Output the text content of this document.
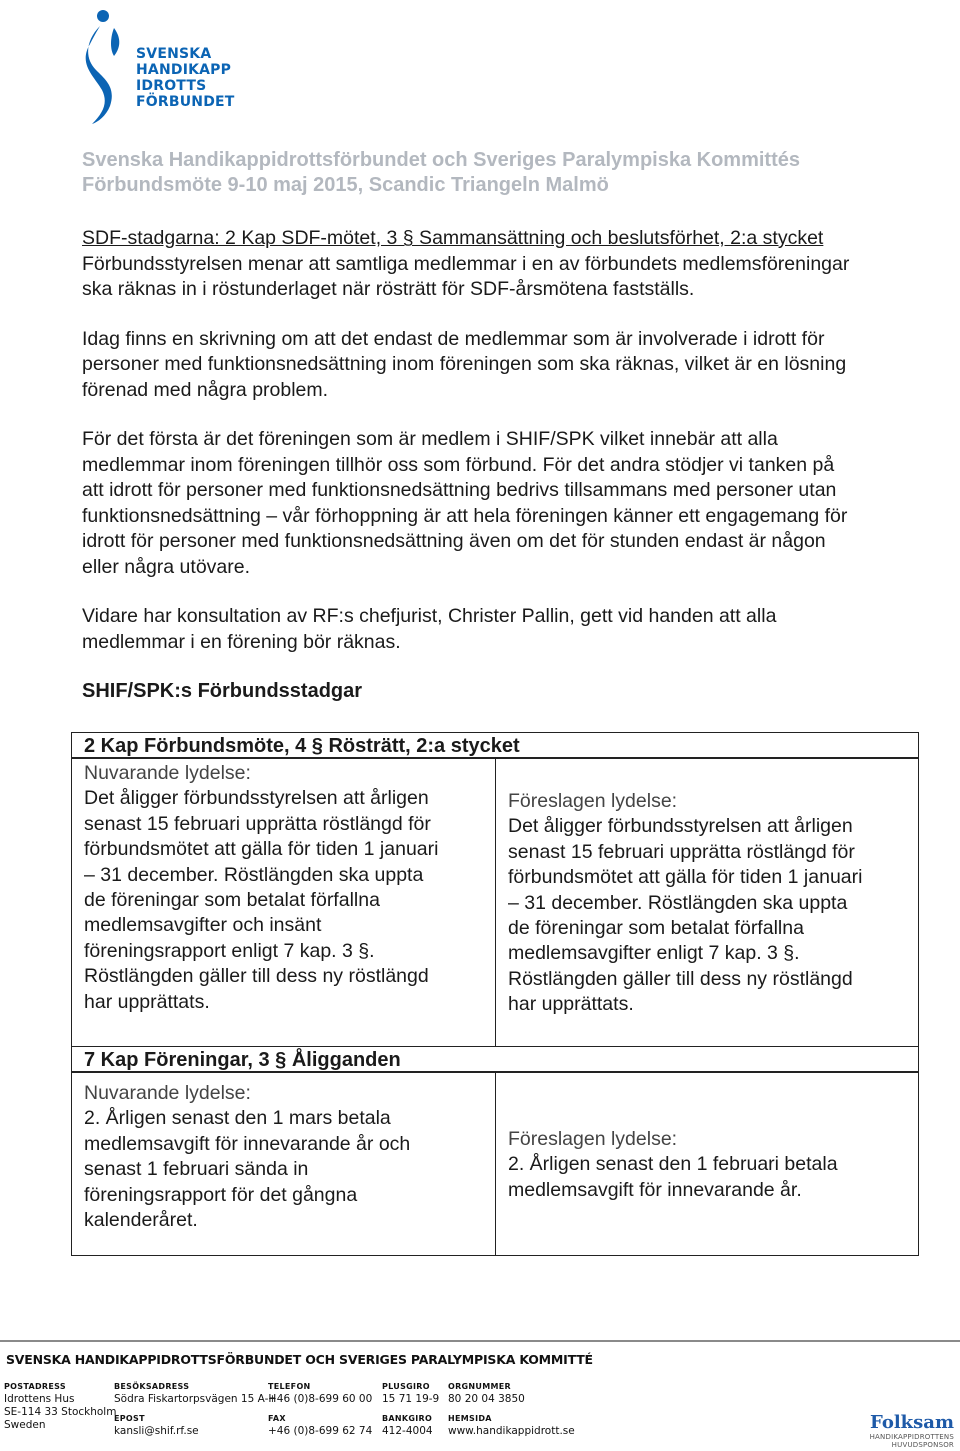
SVENSKA
HANDIKAPP
IDROTTS
FÖRBUNDET
Svenska Handikappidrottsförbundet och Sveriges Paralympiska Kommittés
Förbundsmöte 9-10 maj 2015, Scandic Triangeln Malmö

SDF-stadgarna: 2 Kap SDF-mötet, 3 § Sammansättning och beslutsförhet, 2:a stycket
Förbundsstyrelsen menar att samtliga medlemmar i en av förbundets medlemsföreningar
ska räknas in i röstunderlaget när rösträtt för SDF-årsmötena fastställs.

Idag finns en skrivning om att det endast de medlemmar som är involverade i idrott för
personer med funktionsnedsättning inom föreningen som ska räknas, vilket är en lösning
förenad med några problem.

För det första är det föreningen som är medlem i SHIF/SPK vilket innebär att alla
medlemmar inom föreningen tillhör oss som förbund. För det andra stödjer vi tanken på
att idrott för personer med funktionsnedsättning bedrivs tillsammans med personer utan
funktionsnedsättning – vår förhoppning är att hela föreningen känner ett engagemang för
idrott för personer med funktionsnedsättning även om det för stunden endast är någon
eller några utövare.

Vidare har konsultation av RF:s chefjurist, Christer Pallin, gett vid handen att alla
medlemmar i en förening bör räknas.

SHIF/SPK:s Förbundsstadgar
2 Kap Förbundsmöte, 4 § Rösträtt, 2:a stycket
Nuvarande lydelse:
Det åligger förbundsstyrelsen att årligen
senast 15 februari upprätta röstlängd för
förbundsmötet att gälla för tiden 1 januari
– 31 december. Röstlängden ska uppta
de föreningar som betalat förfallna
medlemsavgifter och insänt
föreningsrapport enligt 7 kap. 3 §.
Röstlängden gäller till dess ny röstlängd
har upprättats.
Föreslagen lydelse:
Det åligger förbundsstyrelsen att årligen
senast 15 februari upprätta röstlängd för
förbundsmötet att gälla för tiden 1 januari
– 31 december. Röstlängden ska uppta
de föreningar som betalat förfallna
medlemsavgifter enligt 7 kap. 3 §.
Röstlängden gäller till dess ny röstlängd
har upprättats.
7 Kap Föreningar, 3 § Åligganden
Nuvarande lydelse:
2. Årligen senast den 1 mars betala
medlemsavgift för innevarande år och
senast 1 februari sända in
föreningsrapport för det gångna
kalenderåret.
Föreslagen lydelse:
2. Årligen senast den 1 februari betala
medlemsavgift för innevarande år.
SVENSKA HANDIKAPPIDROTTSFÖRBUNDET OCH SVERIGES PARALYMPISKA KOMMITTÉ
POSTADRESS
Idrottens Hus
SE-114 33 Stockholm
Sweden
BESÖKSADRESS
Södra Fiskartorpsvägen 15 A-H
EPOST
kansli@shif.rf.se
TELEFON
+46 (0)8-699 60 00
FAX
+46 (0)8-699 62 74
PLUSGIRO
15 71 19-9
BANKGIRO
412-4004
ORGNUMMER
80 20 04 3850
HEMSIDA
www.handikappidrott.se	Folksam
HANDIKAPPIDROTTENS
HUVUDSPONSOR
